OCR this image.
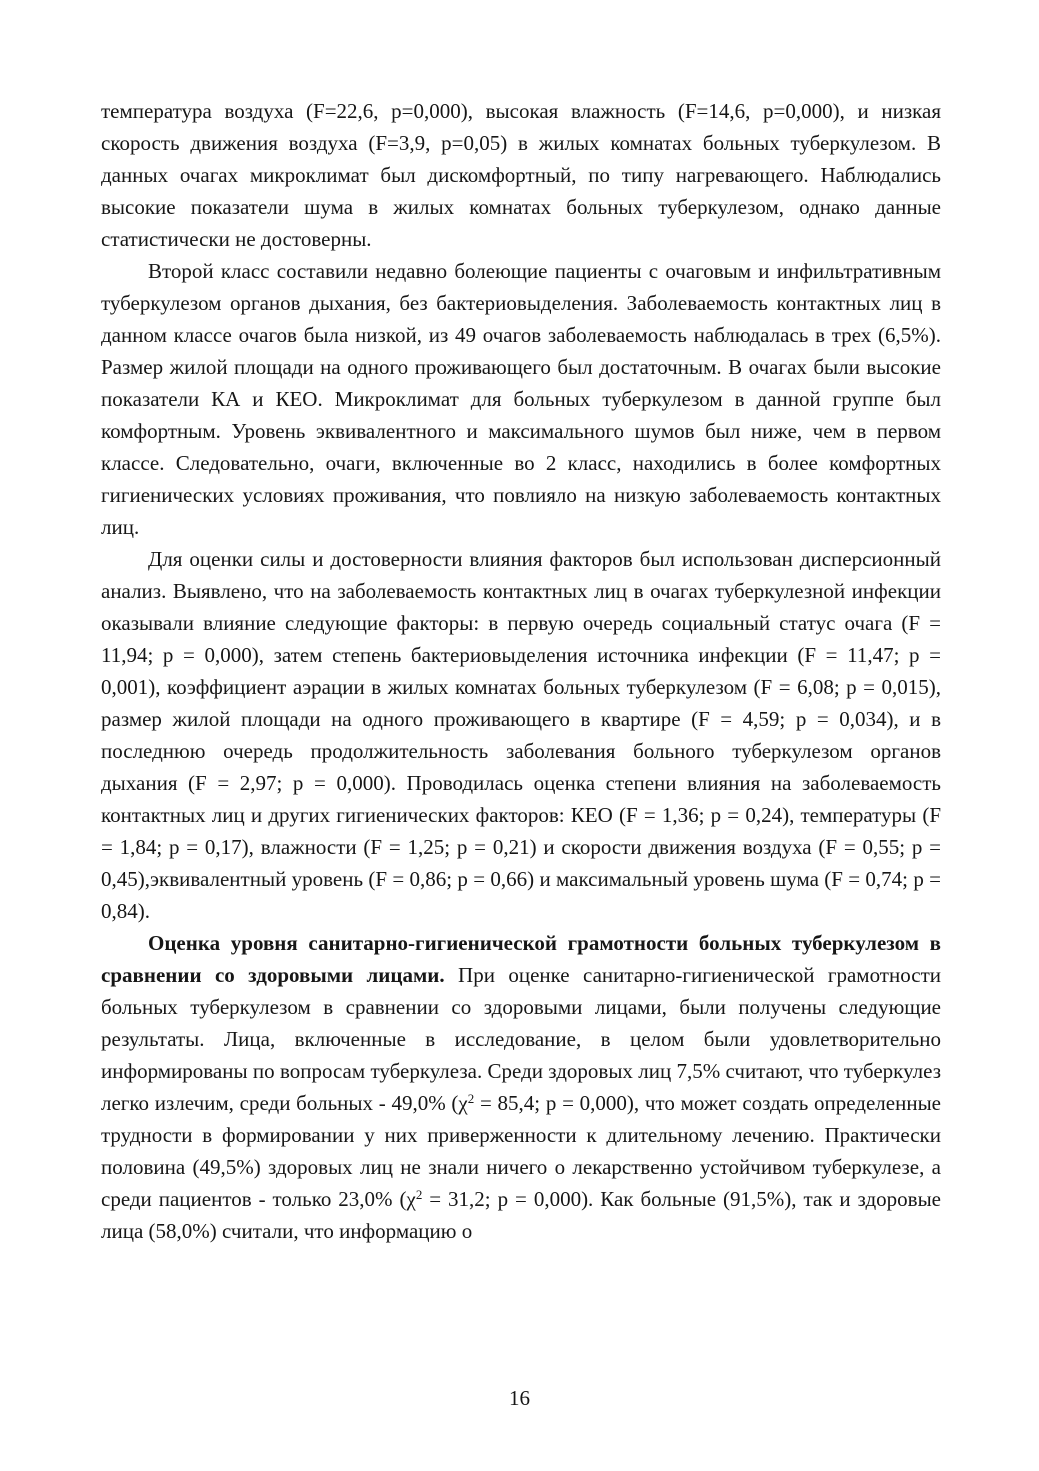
температура воздуха (F=22,6, p=0,000), высокая влажность (F=14,6, p=0,000), и низкая скорость движения воздуха (F=3,9, p=0,05) в жилых комнатах больных туберкулезом. В данных очагах микроклимат был дискомфортный, по типу нагревающего. Наблюдались высокие показатели шума в жилых комнатах больных туберкулезом, однако данные статистически не достоверны.

Второй класс составили недавно болеющие пациенты с очаговым и инфильтративным туберкулезом органов дыхания, без бактериовыделения. Заболеваемость контактных лиц в данном классе очагов была низкой, из 49 очагов заболеваемость наблюдалась в трех (6,5%). Размер жилой площади на одного проживающего был достаточным. В очагах были высокие показатели КА и КЕО. Микроклимат для больных туберкулезом в данной группе был комфортным. Уровень эквивалентного и максимального шумов был ниже, чем в первом классе. Следовательно, очаги, включенные во 2 класс, находились в более комфортных гигиенических условиях проживания, что повлияло на низкую заболеваемость контактных лиц.

Для оценки силы и достоверности влияния факторов был использован дисперсионный анализ. Выявлено, что на заболеваемость контактных лиц в очагах туберкулезной инфекции оказывали влияние следующие факторы: в первую очередь социальный статус очага (F = 11,94; p = 0,000), затем степень бактериовыделения источника инфекции (F = 11,47; p = 0,001), коэффициент аэрации в жилых комнатах больных туберкулезом (F = 6,08; p = 0,015), размер жилой площади на одного проживающего в квартире (F = 4,59; p = 0,034), и в последнюю очередь продолжительность заболевания больного туберкулезом органов дыхания (F = 2,97; p = 0,000). Проводилась оценка степени влияния на заболеваемость контактных лиц и других гигиенических факторов: КЕО (F = 1,36; p = 0,24), температуры (F = 1,84; p = 0,17), влажности (F = 1,25; p = 0,21) и скорости движения воздуха (F = 0,55; p = 0,45),эквивалентный уровень (F = 0,86; p = 0,66) и максимальный уровень шума (F = 0,74; p = 0,84).

Оценка уровня санитарно-гигиенической грамотности больных туберкулезом в сравнении со здоровыми лицами. При оценке санитарно-гигиенической грамотности больных туберкулезом в сравнении со здоровыми лицами, были получены следующие результаты. Лица, включенные в исследование, в целом были удовлетворительно информированы по вопросам туберкулеза. Среди здоровых лиц 7,5% считают, что туберкулез легко излечим, среди больных - 49,0% ($\chi^2 = 85,4$; p = 0,000), что может создать определенные трудности в формировании у них приверженности к длительному лечению. Практически половина (49,5%) здоровых лиц не знали ничего о лекарственно устойчивом туберкулезе, а среди пациентов - только 23,0% ($\chi^2 = 31,2$; p = 0,000). Как больные (91,5%), так и здоровые лица (58,0%) считали, что информацию о

16
